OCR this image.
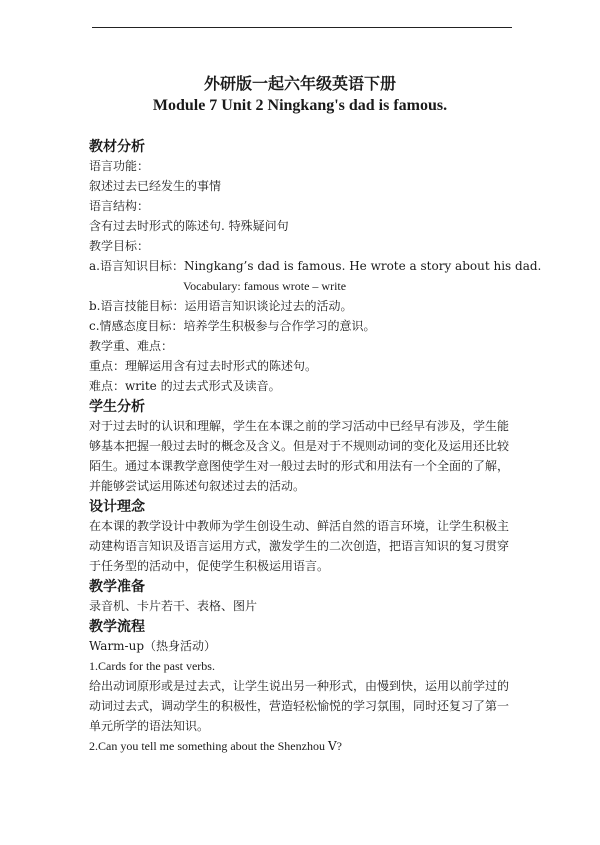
外研版一起六年级英语下册
Module 7 Unit 2 Ningkang's dad is famous.
教材分析
语言功能：
叙述过去已经发生的事情
语言结构：
含有过去时形式的陈述句. 特殊疑问句
教学目标：
a.语言知识目标：Ningkang’s dad is famous. He wrote a story about his dad.
Vocabulary: famous wrote – write
b.语言技能目标：运用语言知识谈论过去的活动。
c.情感态度目标：培养学生积极参与合作学习的意识。
教学重、难点：
重点：理解运用含有过去时形式的陈述句。
难点：write 的过去式形式及读音。
学生分析
对于过去时的认识和理解，学生在本课之前的学习活动中已经早有涉及，学生能
够基本把握一般过去时的概念及含义。但是对于不规则动词的变化及运用还比较
陌生。通过本课教学意图使学生对一般过去时的形式和用法有一个全面的了解，
并能够尝试运用陈述句叙述过去的活动。
设计理念
在本课的教学设计中教师为学生创设生动、鲜活自然的语言环境，让学生积极主
动建构语言知识及语言运用方式，激发学生的二次创造，把语言知识的复习贯穿
于任务型的活动中，促使学生积极运用语言。
教学准备
录音机、卡片若干、表格、图片
教学流程
Warm-up（热身活动）
1.Cards for the past verbs.
给出动词原形或是过去式，让学生说出另一种形式，由慢到快，运用以前学过的
动词过去式，调动学生的积极性，营造轻松愉悦的学习氛围，同时还复习了第一
单元所学的语法知识。
2.Can you tell me something about the Shenzhou Ⅴ?
